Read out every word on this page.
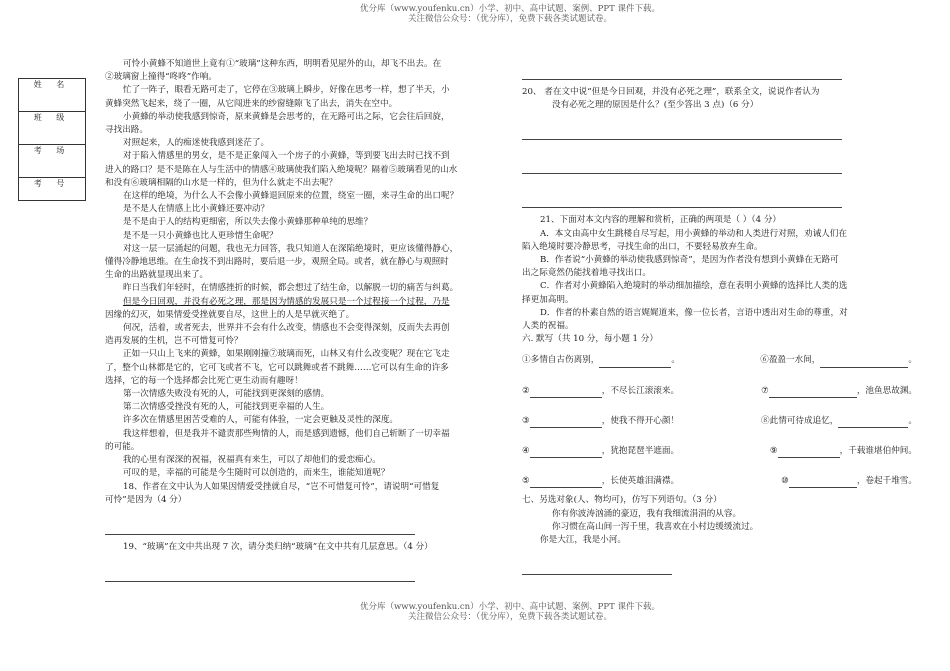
优分库（www.youfenku.cn）小学、初中、高中试题、案例、PPT 课件下载。
关注微信公众号：（优分库），免费下载各类试题试卷。
姓 名
班 级
考 场
考 号

可怜小黄蜂不知道世上竟有①“玻璃”这种东西，明明看见屋外的山，却飞不出去。在

②玻璃窗上撞得“咚咚”作响。

忙了一阵子，眼看无路可走了，它停在③玻璃上瞬步，好像在思考一样，想了半天，小

黄蜂突然飞起来，绕了一圈，从它闯进来的纱窗缝隙飞了出去，消失在空中。

小黄蜂的举动使我感到惊奇，原来黄蜂是会思考的，在无路可出之际，它会往后回旋，

寻找出路。

对照起来，人的痴迷使我感到迷茫了。

对于陷入情感里的男女，是不是正象闯入一个房子的小黄蜂，等到要飞出去时已找不到

进入的路口？是不是陈在人与生活中的情感④玻璃使我们陷入绝境呢？隔着⑤玻璃看见的山水

和没有⑥玻璃相隔的山水是一样的，但为什么就走不出去呢？

在这样的绝境，为什么人不会像小黄蜂退回原来的位置，绕室一圈，来寻生命的出口呢？

是不是人在情感上比小黄蜂还要冲动？

是不是由于人的结构更细密，所以失去像小黄蜂那种单纯的思维？

是不是一只小黄蜂也比人更珍惜生命呢？

对这一层一层涌起的问题，我也无力回答，我只知道人在深陷绝境时，更应该懂得静心，

懂得冷静地思维。在生命找不到出路时，要后退一步，观照全局。或者，就在静心与观照时

生命的出路就显现出来了。

昨日当我们年轻时，在情感挫折的时候，都会想过了结生命，以解脱一切的痛苦与纠葛。

但是今日回观，并没有必死之理，那是因为情感的发展只是一个过程接一个过程，乃是

因缘的幻灭，如果情爱受挫就要自尽，这世上的人是早就灭绝了。

何况，活着，或者死去，世界并不会有什么改变，情感也不会变得深刻，反而失去再创

造再发展的生机，岂不可惜复可怜？

正如一只山上飞来的黄蜂，如果刚刚撞⑦玻璃而死，山林又有什么改变呢？现在它飞走

了，整个山林都是它的，它可飞或者不飞，它可以跳舞或者不跳舞……它可以有生命的许多

选择，它的每一个选择都会比死亡更生动而有趣呀！

第一次情感失败没有死的人，可能找到更深刻的感情。

第二次情感受挫没有死的人，可能找到更幸福的人生。

许多次在情感里困苦受难的人，可能有体验，一定会更触及灵性的深度。

我这样想着，但是我并不谴责那些殉情的人，而是感到遗憾，他们自己斩断了一切幸福

的可能。

我的心里有深深的祝福，祝福真有来生，可以了却他们的爱恋痴心。

可叹的是，幸福的可能是今生随时可以创造的，而来生，谁能知道呢？

18、作者在文中认为人如果因情爱受挫就自尽，“岂不可惜复可怜”，请说明“可惜复

可怜”是因为（4 分）

19、“玻璃”在文中共出现 7 次，请分类归纳“玻璃”在文中共有几层意思。（4 分）

20、 者在文中说“但是今日回观，并没有必死之理”，联系全文，说说作者认为

没有必死之理的原因是什么？(至少答出 3 点)（6 分）

21、下面对本文内容的理解和赏析，正确的两项是（ ）（4 分）

A．本文由高中女生跳楼自尽写起，用小黄蜂的举动和人类进行对照，劝诫人们在

陷入绝境时要冷静思考，寻找生命的出口，不要轻易放弃生命。

B．作者说“小黄蜂的举动使我感到惊奇”，是因为作者没有想到小黄蜂在无路可

出之际竟然仍能找着地寻找出口。

C．作者对小黄蜂陷入绝境时的举动细加描绘，意在表明小黄蜂的选择比人类的选

择更加高明。

D．作者的朴素自然的语言娓娓道来，像一位长者，言语中透出对生命的尊重，对

人类的祝福。

六. 默写（共 10 分，每小题 1 分）

①多情自古伤离别，	。	⑥盈盈一水间，	。
②	，不尽长江滚滚来。	⑦	，池鱼思故渊。
③	，使我不得开心颜！	⑧此情可待成追忆，	。
④	，犹抱琵琶半遮面。	⑨	，千载谁堪伯仲间。
⑤	，长使英雄泪满襟。	⑩	，卷起千堆雪。

七、另选对象(人、物均可)，仿写下列语句。（3 分）

你有你波涛汹涌的豪迈，我有我细流涓涓的从容。

你习惯在高山间一泻千里，我喜欢在小村边缓缓流过。

你是大江，我是小河。

优分库（www.youfenku.cn）小学、初中、高中试题、案例、PPT 课件下载。
关注微信公众号：（优分库），免费下载各类试题试卷。
